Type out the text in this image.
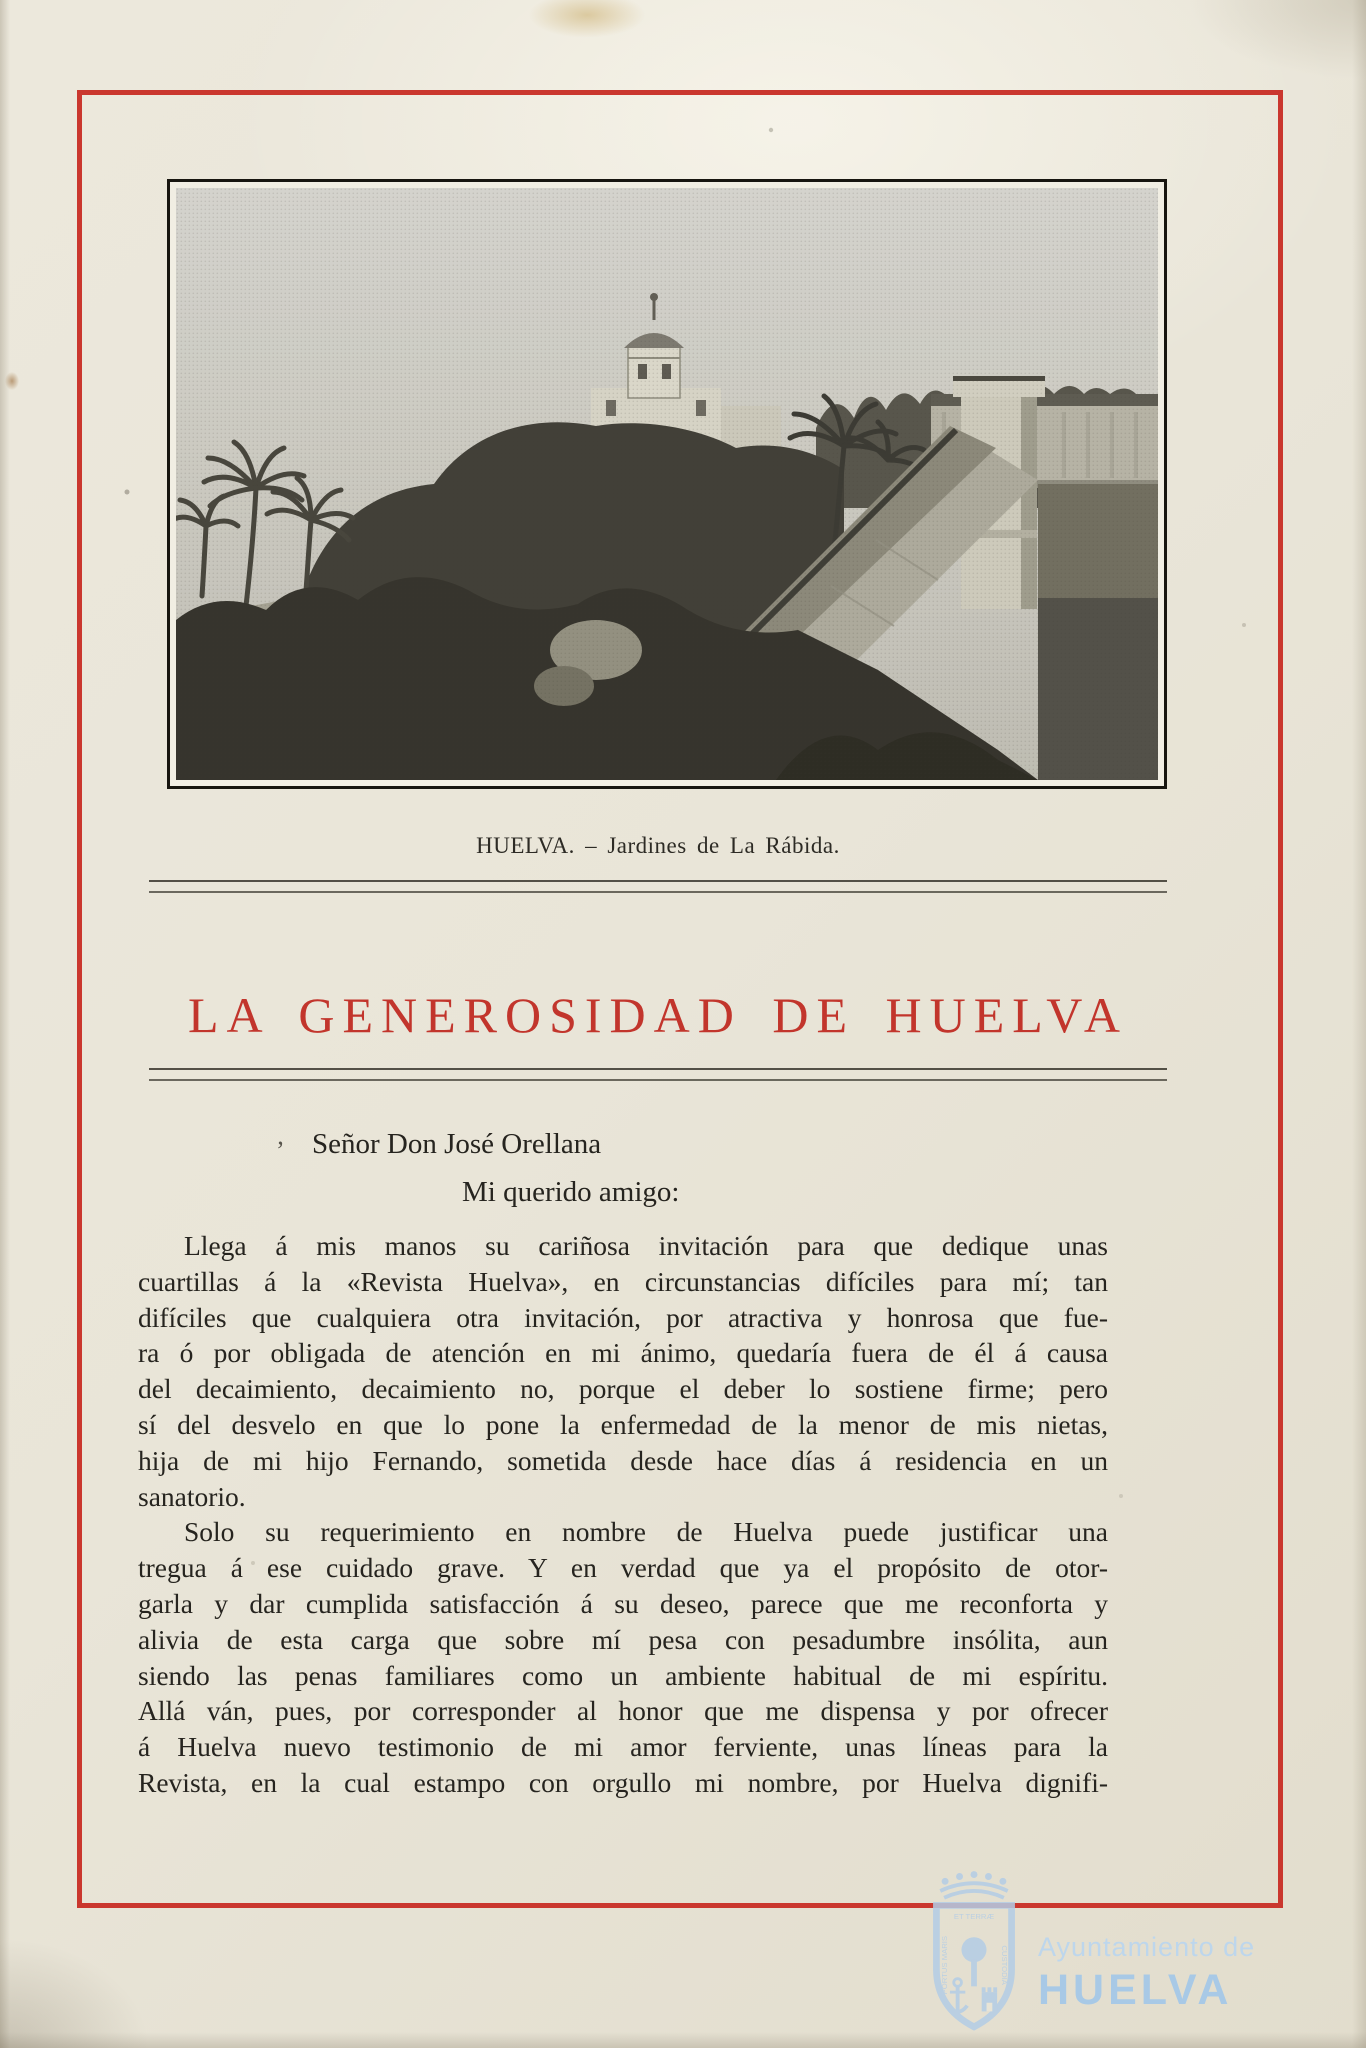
HUELVA. – Jardines de La Rábida.
LA GENEROSIDAD DE HUELVA
’ Señor Don José Orellana
Mi querido amigo:
Llega á mis manos su cariñosa invitación para que dedique unas
cuartillas á la «Revista Huelva», en circunstancias difíciles para mí; tan
difíciles que cualquiera otra invitación, por atractiva y honrosa que fue-
ra ó por obligada de atención en mi ánimo, quedaría fuera de él á causa
del decaimiento, decaimiento no, porque el deber lo sostiene firme; pero
sí del desvelo en que lo pone la enfermedad de la menor de mis nietas,
hija de mi hijo Fernando, sometida desde hace días á residencia en un
sanatorio.
Solo su requerimiento en nombre de Huelva puede justificar una
tregua á ese cuidado grave. Y en verdad que ya el propósito de otor-
garla y dar cumplida satisfacción á su deseo, parece que me reconforta y
alivia de esta carga que sobre mí pesa con pesadumbre insólita, aun
siendo las penas familiares como un ambiente habitual de mi espíritu.
Allá ván, pues, por corresponder al honor que me dispensa y por ofrecer
á Huelva nuevo testimonio de mi amor ferviente, unas líneas para la
Revista, en la cual estampo con orgullo mi nombre, por Huelva dignifi-
ET TERRÆ
PORTUS MARIS	CUSTODIA Ayuntamiento de
HUELVA
